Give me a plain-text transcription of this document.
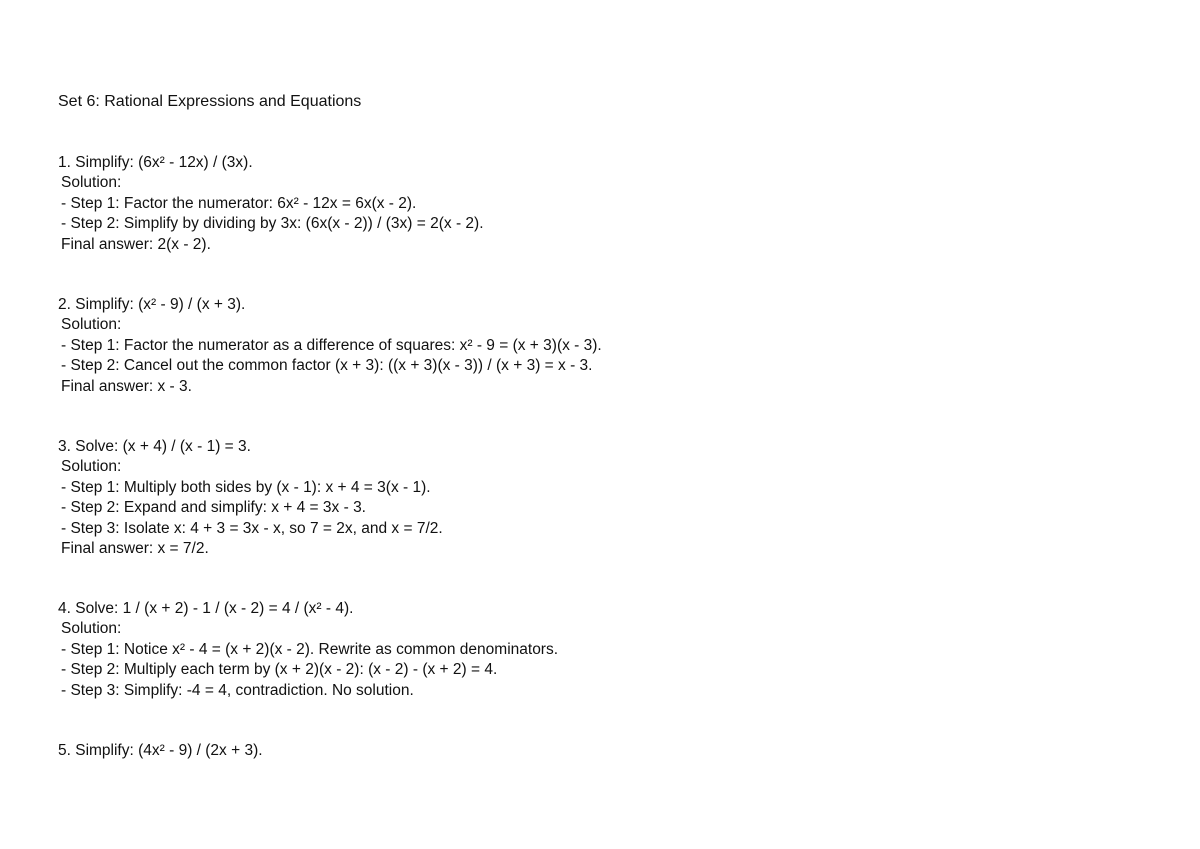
Set 6: Rational Expressions and Equations
1. Simplify: (6x² - 12x) / (3x).
Solution:
- Step 1: Factor the numerator: 6x² - 12x = 6x(x - 2).
- Step 2: Simplify by dividing by 3x: (6x(x - 2)) / (3x) = 2(x - 2).
Final answer: 2(x - 2).
2. Simplify: (x² - 9) / (x + 3).
Solution:
- Step 1: Factor the numerator as a difference of squares: x² - 9 = (x + 3)(x - 3).
- Step 2: Cancel out the common factor (x + 3): ((x + 3)(x - 3)) / (x + 3) = x - 3.
Final answer: x - 3.
3. Solve: (x + 4) / (x - 1) = 3.
Solution:
- Step 1: Multiply both sides by (x - 1): x + 4 = 3(x - 1).
- Step 2: Expand and simplify: x + 4 = 3x - 3.
- Step 3: Isolate x: 4 + 3 = 3x - x, so 7 = 2x, and x = 7/2.
Final answer: x = 7/2.
4. Solve: 1 / (x + 2) - 1 / (x - 2) = 4 / (x² - 4).
Solution:
- Step 1: Notice x² - 4 = (x + 2)(x - 2). Rewrite as common denominators.
- Step 2: Multiply each term by (x + 2)(x - 2): (x - 2) - (x + 2) = 4.
- Step 3: Simplify: -4 = 4, contradiction. No solution.
5. Simplify: (4x² - 9) / (2x + 3).
